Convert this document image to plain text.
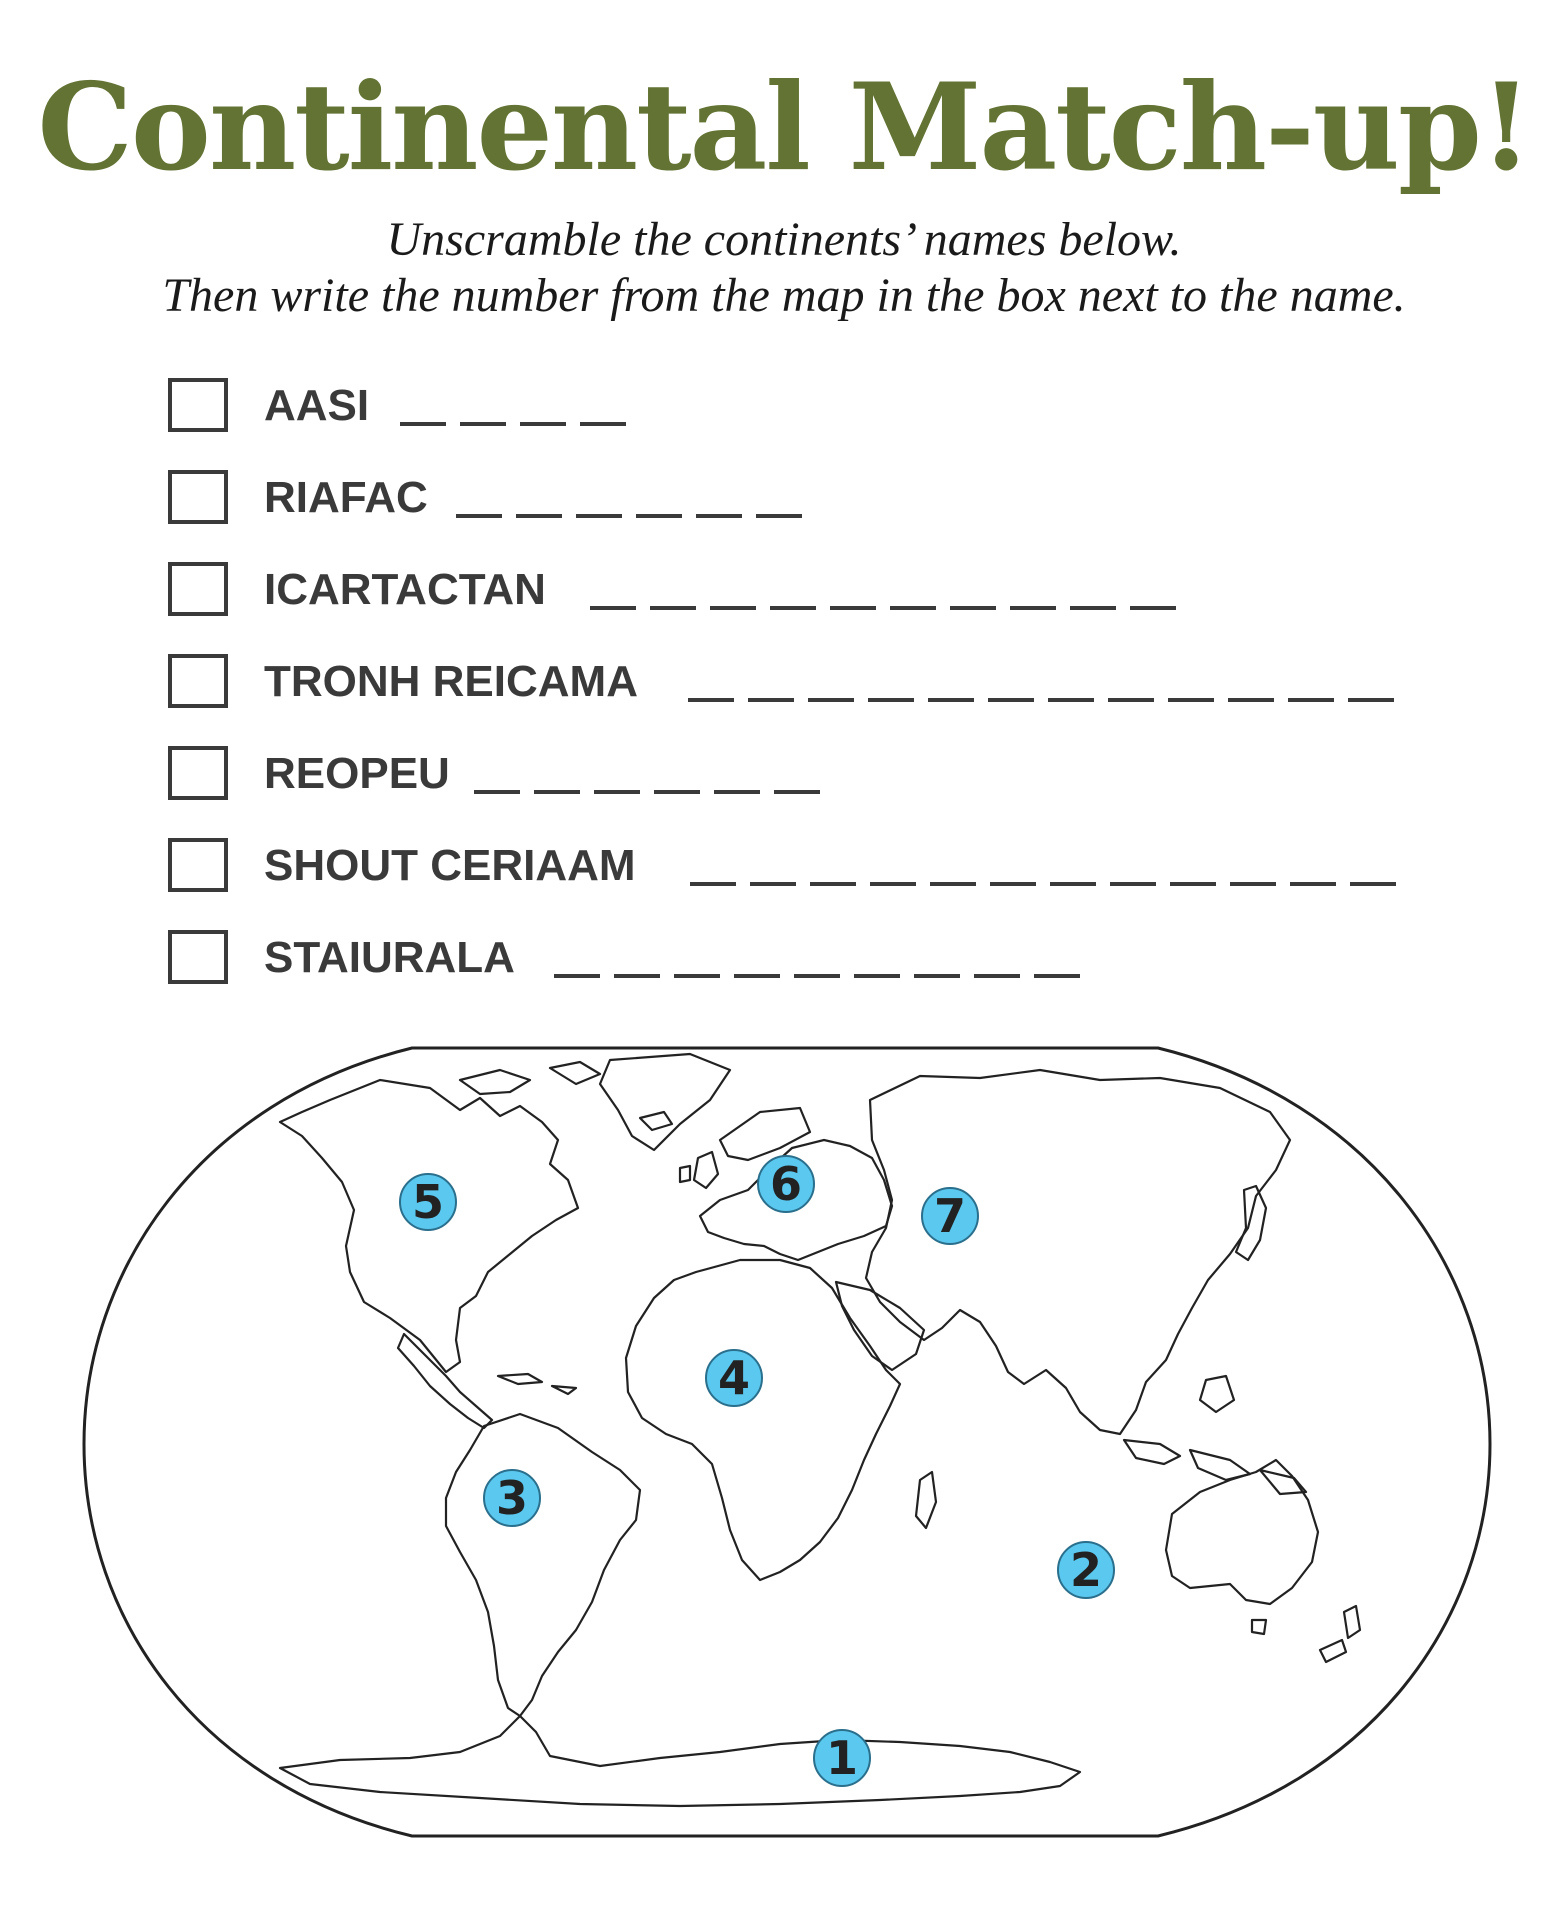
Continental Match-up!
Unscramble the continents’ names below.
Then write the number from the map in the box next to the name.
AASI
RIAFAC
ICARTACTAN
TRONH REICAMA
REOPEU
SHOUT CERIAAM
STAIURALA
5	6
7
4
3
2
1
